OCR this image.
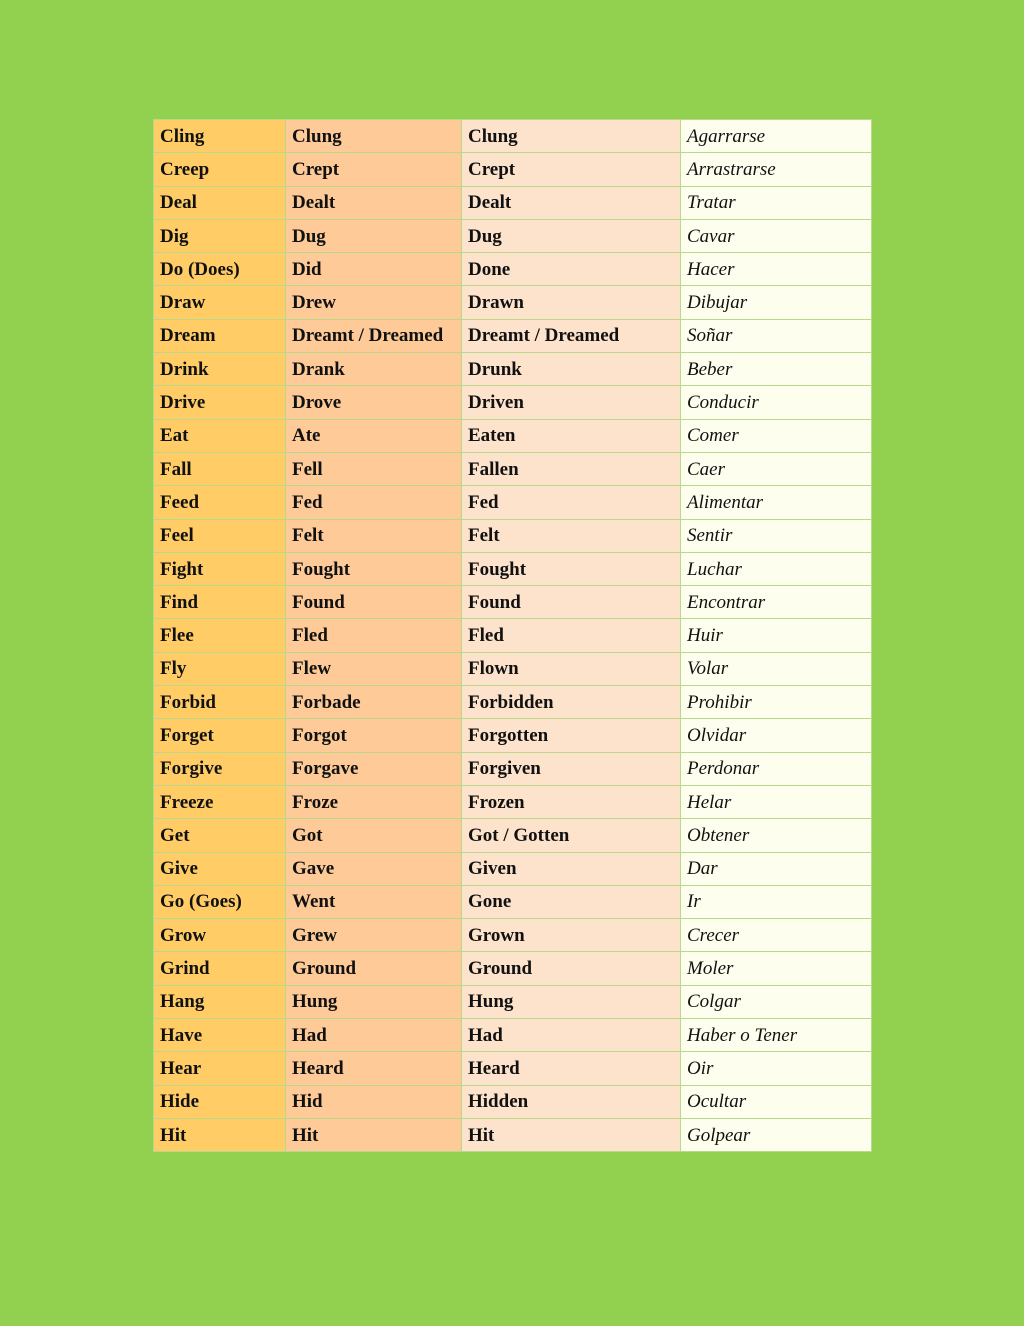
Cling	Clung	Clung	Agarrarse
Creep	Crept	Crept	Arrastrarse
Deal	Dealt	Dealt	Tratar
Dig	Dug	Dug	Cavar
Do (Does)	Did	Done	Hacer
Draw	Drew	Drawn	Dibujar
Dream	Dreamt / Dreamed	Dreamt / Dreamed	Soñar
Drink	Drank	Drunk	Beber
Drive	Drove	Driven	Conducir
Eat	Ate	Eaten	Comer
Fall	Fell	Fallen	Caer
Feed	Fed	Fed	Alimentar
Feel	Felt	Felt	Sentir
Fight	Fought	Fought	Luchar
Find	Found	Found	Encontrar
Flee	Fled	Fled	Huir
Fly	Flew	Flown	Volar
Forbid	Forbade	Forbidden	Prohibir
Forget	Forgot	Forgotten	Olvidar
Forgive	Forgave	Forgiven	Perdonar
Freeze	Froze	Frozen	Helar
Get	Got	Got / Gotten	Obtener
Give	Gave	Given	Dar
Go (Goes)	Went	Gone	Ir
Grow	Grew	Grown	Crecer
Grind	Ground	Ground	Moler
Hang	Hung	Hung	Colgar
Have	Had	Had	Haber o Tener
Hear	Heard	Heard	Oir
Hide	Hid	Hidden	Ocultar
Hit	Hit	Hit	Golpear
